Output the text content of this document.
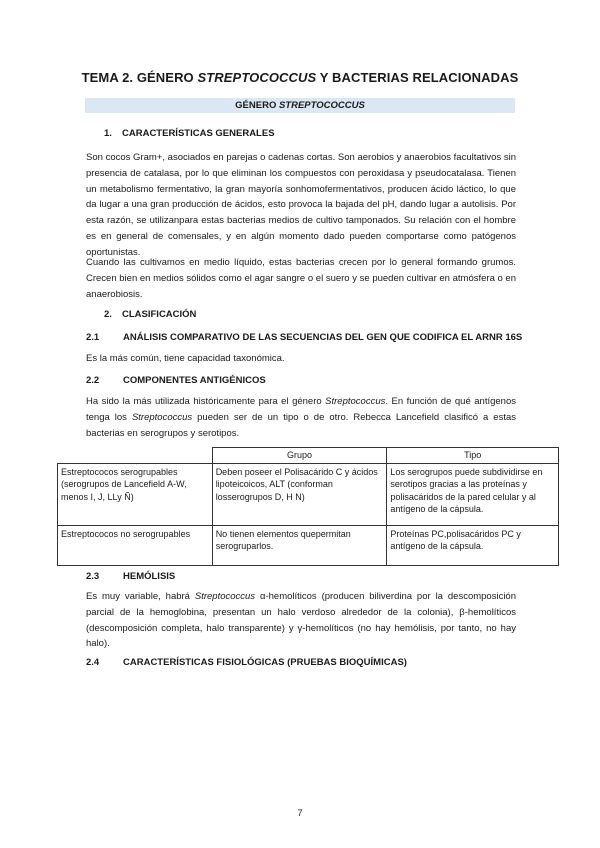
TEMA 2. GÉNERO STREPTOCOCCUS Y BACTERIAS RELACIONADAS
GÉNERO STREPTOCOCCUS
1. CARACTERÍSTICAS GENERALES

Son cocos Gram+, asociados en parejas o cadenas cortas. Son aerobios y anaerobios facultativos sin presencia de catalasa, por lo que eliminan los compuestos con peroxidasa y pseudocatalasa. Tienen un metabolismo fermentativo, la gran mayoría sonhomofermentativos, producen ácido láctico, lo que da lugar a una gran producción de ácidos, esto provoca la bajada del pH, dando lugar a autolisis. Por esta razón, se utilizanpara estas bacterias medios de cultivo tamponados. Su relación con el hombre es en general de comensales, y en algún momento dado pueden comportarse como patógenos oportunistas.

Cuando las cultivamos en medio líquido, estas bacterias crecen por lo general formando grumos. Crecen bien en medios sólidos como el agar sangre o el suero y se pueden cultivar en atmósfera o en anaerobiosis.

2. CLASIFICACIÓN
2.1	ANÁLISIS COMPARATIVO DE LAS SECUENCIAS DEL GEN QUE CODIFICA EL ARNR 16S

Es la más común, tiene capacidad taxonómica.

2.2	COMPONENTES ANTIGÉNICOS

Ha sido la más utilizada históricamente para el género Streptococcus. En función de qué antígenos tenga los Streptococcus pueden ser de un tipo o de otro. Rebecca Lancefield clasificó a estas bacterias en serogrupos y serotipos.

	Grupo	Tipo
Estreptococos serogrupables (serogrupos de Lancefield A-W, menos I, J, LLy Ñ)	Deben poseer el Polisacárido C y ácidos lipoteicoicos, ALT (conforman losserogrupos D, H N)	Los serogrupos puede subdividirse en serotipos gracias a las proteínas y polisacáridos de la pared celular y al antígeno de la cápsula.
Estreptococos no serogrupables	No tienen elementos quepermitan serogruparlos.	Proteínas PC,polisacáridos PC y antígeno de la cápsula.
2.3	HEMÓLISIS

Es muy variable, habrá Streptococcus α-hemolíticos (producen biliverdina por la descomposición parcial de la hemoglobina, presentan un halo verdoso alrededor de la colonia), β-hemolíticos (descomposición completa, halo transparente) y γ-hemolíticos (no hay hemólisis, por tanto, no hay halo).

2.4	CARACTERÍSTICAS FISIOLÓGICAS (PRUEBAS BIOQUÍMICAS)
7
